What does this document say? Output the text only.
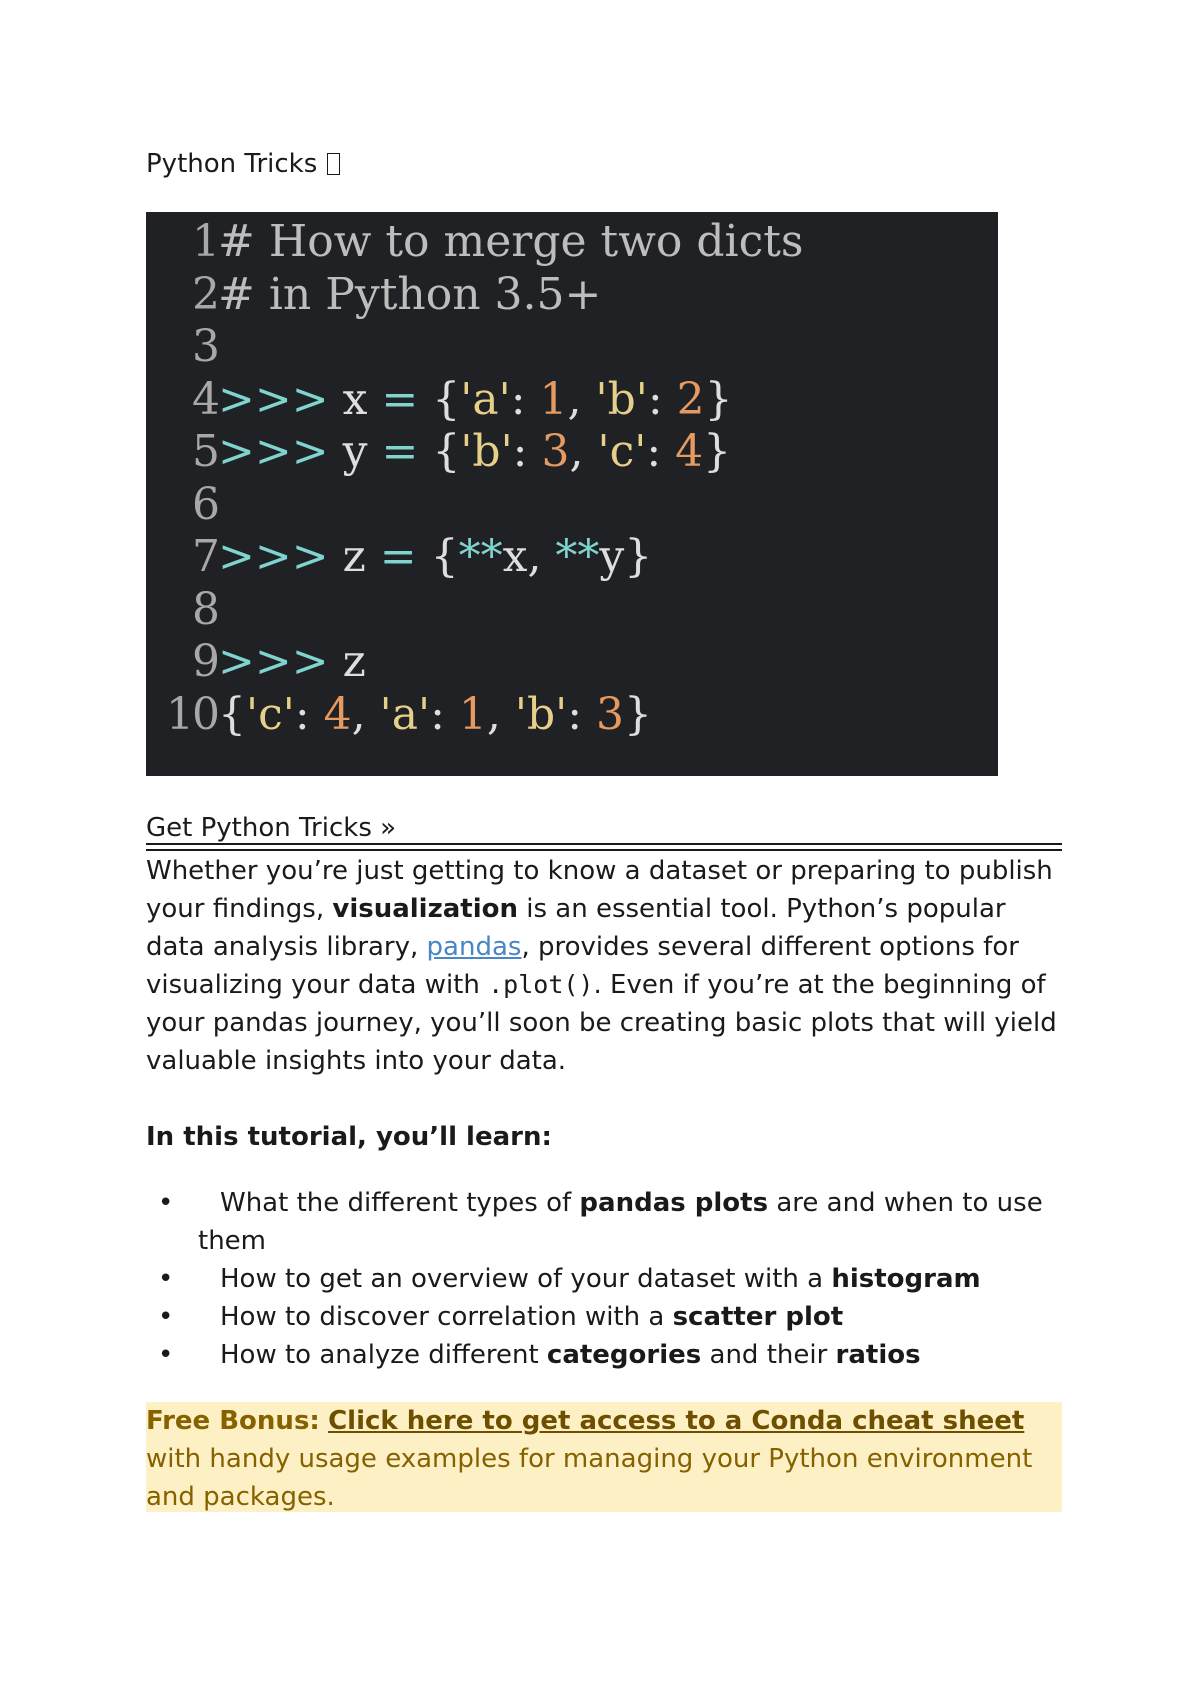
Python Tricks
1# How to merge two dicts
2# in Python 3.5+
3
4>>> x = {'a': 1, 'b': 2}
5>>> y = {'b': 3, 'c': 4}
6
7>>> z = {**x, **y}
8
9>>> z
10{'c': 4, 'a': 1, 'b': 3}
Get Python Tricks »
Whether you’re just getting to know a dataset or preparing to publish your findings, visualization is an essential tool. Python’s popular data analysis library, pandas, provides several different options for visualizing your data with .plot(). Even if you’re at the beginning of your pandas journey, you’ll soon be creating basic plots that will yield valuable insights into your data.
In this tutorial, you’ll learn:
• What the different types of pandas plots are and when to use them
• How to get an overview of your dataset with a histogram
• How to discover correlation with a scatter plot
• How to analyze different categories and their ratios
Free Bonus: Click here to get access to a Conda cheat sheet with handy usage examples for managing your Python environment and packages.
